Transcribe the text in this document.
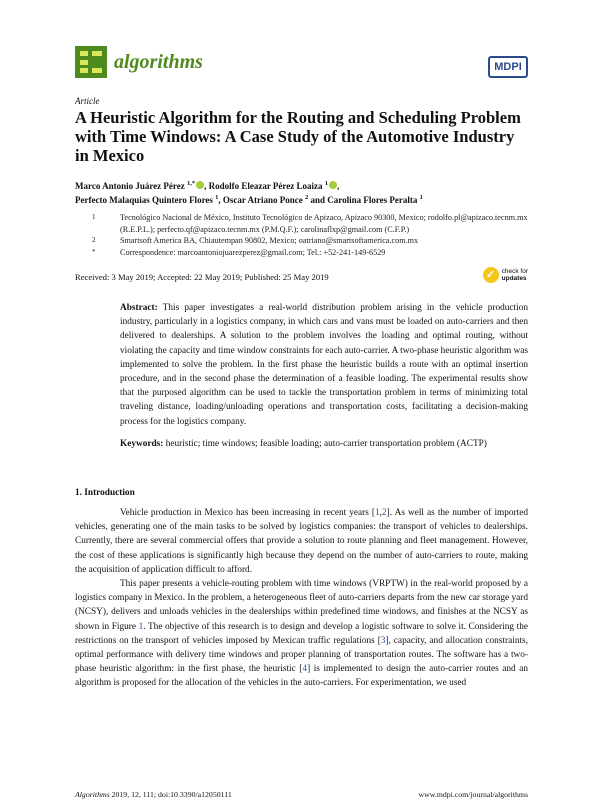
algorithms	MDPI
Article
A Heuristic Algorithm for the Routing and Scheduling Problem with Time Windows: A Case Study of the Automotive Industry in Mexico
Marco Antonio Juárez Pérez $^{1,*}$ , Rodolfo Eleazar Pérez Loaiza $^1$ ,
Perfecto Malaquias Quintero Flores $^1$, Oscar Atriano Ponce $^2$ and Carolina Flores Peralta $^1$
1	Tecnológico Nacional de México, Instituto Tecnológico de Apizaco, Apizaco 90300, Mexico; rodolfo.pl@apizaco.tecnm.mx (R.E.P.L.); perfecto.qf@apizaco.tecnm.mx (P.M.Q.F.); carolinaflxp@gmail.com (C.F.P.)
2	Smartsoft America BA, Chiautempan 90802, Mexico; oatriano@smartsoftamerica.com.mx
*	Correspondence: marcoantoniojuarezperez@gmail.com; Tel.: +52-241-149-6529
Received: 3 May 2019; Accepted: 22 May 2019; Published: 25 May 2019	✓ check for
updates
Abstract: This paper investigates a real-world distribution problem arising in the vehicle production industry, particularly in a logistics company, in which cars and vans must be loaded on auto-carriers and then delivered to dealerships. A solution to the problem involves the loading and optimal routing, without violating the capacity and time window constraints for each auto-carrier. A two-phase heuristic algorithm was implemented to solve the problem. In the first phase the heuristic builds a route with an optimal insertion procedure, and in the second phase the determination of a feasible loading. The experimental results show that the purposed algorithm can be used to tackle the transportation problem in terms of minimizing total traveling distance, loading/unloading operations and transportation costs, facilitating a decision-making process for the logistics company.
Keywords: heuristic; time windows; feasible loading; auto-carrier transportation problem (ACTP)
1. Introduction
Vehicle production in Mexico has been increasing in recent years [1,2]. As well as the number of imported vehicles, generating one of the main tasks to be solved by logistics companies: the transport of vehicles to dealerships. Currently, there are several commercial offers that provide a solution to route planning and fleet management. However, the cost of these applications is significantly high because they depend on the number of auto-carriers to route, making the acquisition of application difficult to afford.
This paper presents a vehicle-routing problem with time windows (VRPTW) in the real-world proposed by a logistics company in Mexico. In the problem, a heterogeneous fleet of auto-carriers departs from the new car storage yard (NCSY), delivers and unloads vehicles in the dealerships within predefined time windows, and finishes at the NCSY as shown in Figure 1. The objective of this research is to design and develop a logistic software to solve it. Considering the restrictions on the transport of vehicles imposed by Mexican traffic regulations [3], capacity, and allocation constraints, optimal performance with delivery time windows and proper planning of transportation routes. The software has a two-phase heuristic algorithm: in the first phase, the heuristic [4] is implemented to design the auto-carrier routes and an algorithm is proposed for the allocation of the vehicles in the auto-carriers. For experimentation, we used
Algorithms 2019, 12, 111; doi:10.3390/a12050111	www.mdpi.com/journal/algorithms
